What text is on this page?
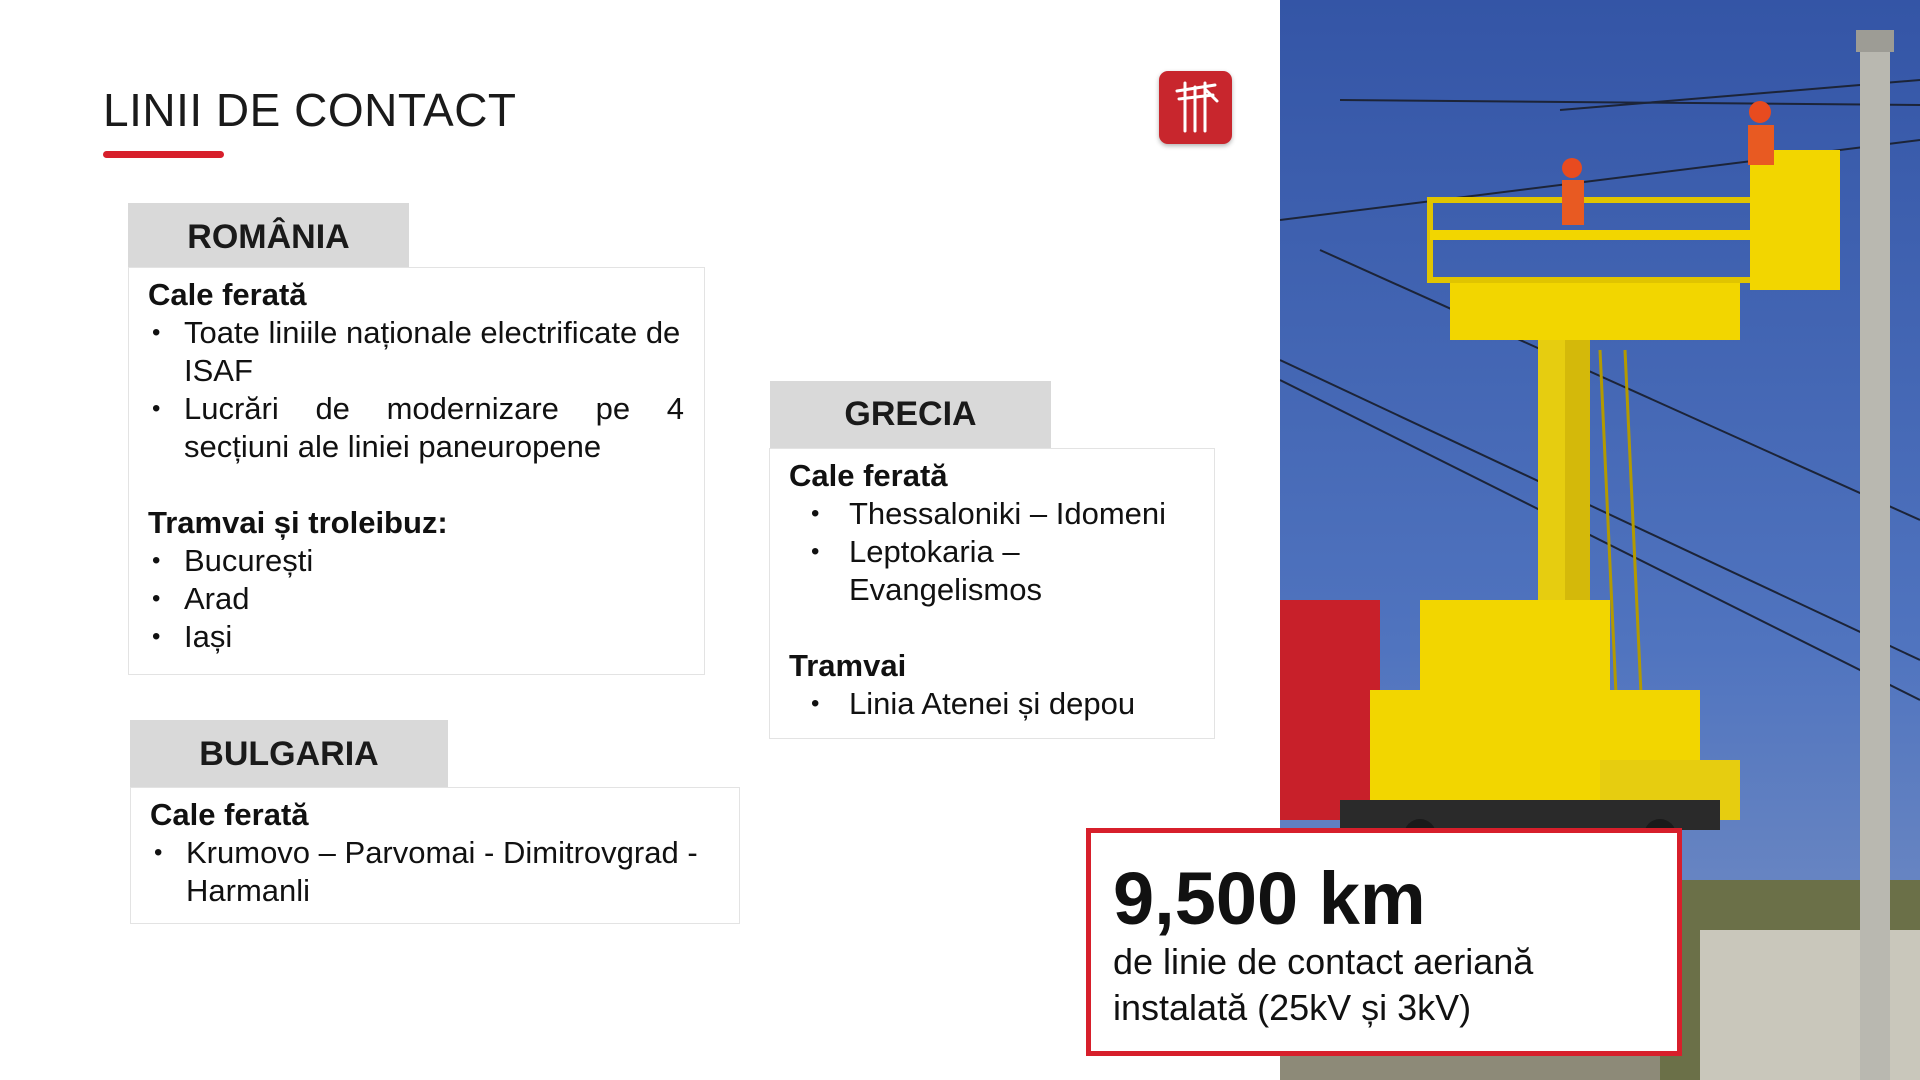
LINII DE CONTACT
ROMÂNIA
Cale ferată
• Toate liniile naționale electrificate de ISAF
• Lucrări de modernizare pe 4 secțiuni ale liniei paneuropene
Tramvai și troleibuz:
• București
• Arad
• Iași
BULGARIA
Cale ferată
• Krumovo – Parvomai - Dimitrovgrad - Harmanli
GRECIA
Cale ferată
• Thessaloniki – Idomeni
• Leptokaria – Evangelismos
Tramvai
• Linia Atenei și depou
9,500 km
de linie de contact aeriană instalată (25kV și 3kV)
